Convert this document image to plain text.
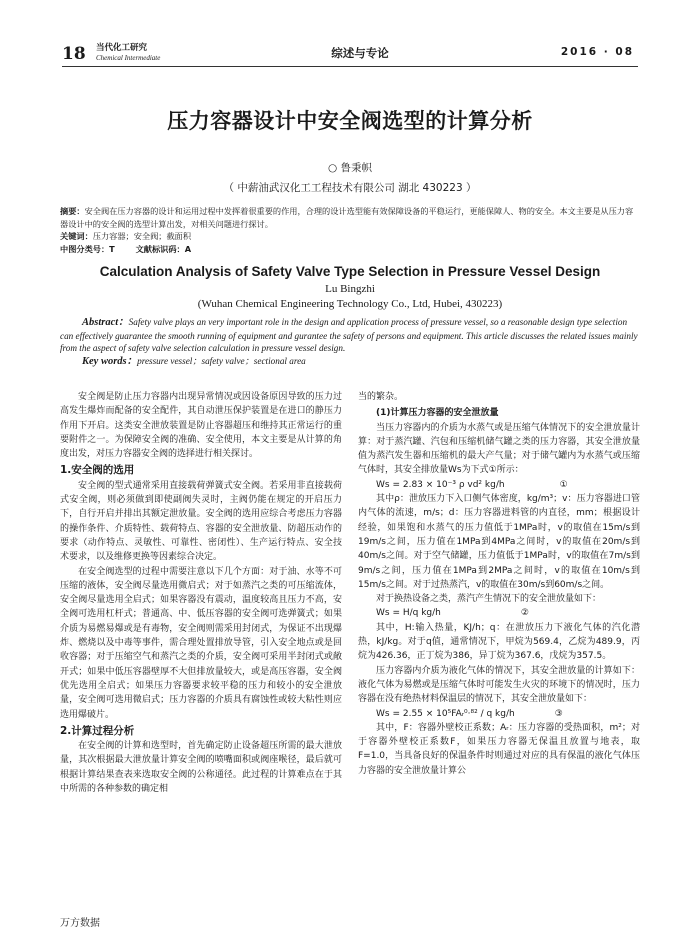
18 当代化工研究
Chemical Intermediate	综述与专论	2016 · 08
压力容器设计中安全阀选型的计算分析
○ 鲁秉帜
（ 中薪油武汉化工工程技术有限公司 湖北 430223 ）
摘要：安全阀在压力容器的设计和运用过程中发挥着很重要的作用，合理的设计选型能有效保障设备的平稳运行，更能保障人、物的安全。本文主要是从压力容器设计中的安全阀的选型计算出发，对相关问题进行探讨。
关键词：压力容器；安全阀；截面积
中图分类号：T	文献标识码：A
Calculation Analysis of Safety Valve Type Selection in Pressure Vessel Design
Lu Bingzhi
(Wuhan Chemical Engineering Technology Co., Ltd, Hubei, 430223)
Abstract：Safety valve plays an very important role in the design and application process of pressure vessel, so a reasonable design type selection can effectively guarantee the smooth running of equipment and gurantee the safety of persons and equipment. This article discusses the related issues mainly from the aspect of safety valve selection calculation in pressure vessel design.
Key words：pressure vessel；safety valve；sectional area

安全阀是防止压力容器内出现异常情况或因设备原因导致的压力过高发生爆炸而配备的安全配件，其自动泄压保护装置是在进口的静压力作用下开启。这类安全泄放装置是防止容器超压和维持其正常运行的重要附件之一。为保障安全阀的准确、安全使用，本文主要是从计算的角度出发，对压力容器安全阀的选择进行相关探讨。

1.安全阀的选用

安全阀的型式通常采用直接载荷弹簧式安全阀。若采用非直接载荷式安全阀，则必须做到即使副阀失灵时，主阀仍能在规定的开启压力下，自行开启并排出其额定泄放量。安全阀的选用应综合考虑压力容器的操作条件、介质特性、载荷特点、容器的安全泄放量、防超压动作的要求（动作特点、灵敏性、可靠性、密闭性）、生产运行特点、安全技术要求，以及维修更换等因素综合决定。

在安全阀选型的过程中需要注意以下几个方面：对于油、水等不可压缩的液体，安全阀尽量选用微启式；对于如蒸汽之类的可压缩流体，安全阀尽量选用全启式；如果容器没有震动，温度较高且压力不高，安全阀可选用杠杆式；普通高、中、低压容器的安全阀可选弹簧式；如果介质为易燃易爆或是有毒物，安全阀则需采用封闭式，为保证不出现爆炸、燃烧以及中毒等事件，需合理处置排放导管，引入安全地点或是回收容器；对于压缩空气和蒸汽之类的介质，安全阀可采用半封闭式或敞开式；如果中低压容器壁厚不大但排放量较大，或是高压容器，安全阀优先选用全启式；如果压力容器要求较平稳的压力和较小的安全泄放量，安全阀可选用微启式；压力容器的介质具有腐蚀性或较大粘性则应选用爆破片。

2.计算过程分析

在安全阀的计算和选型时，首先确定防止设备超压所需的最大泄放量，其次根据最大泄放量计算安全阀的喷嘴面积或阀座喉径，最后就可根据计算结果查表来选取安全阀的公称通径。此过程的计算难点在于其中所需的各种参数的确定相

当的繁杂。

(1)计算压力容器的安全泄放量

当压力容器内的介质为水蒸气或是压缩气体情况下的安全泄放量计算：对于蒸汽罐、汽包和压缩机储气罐之类的压力容器，其安全泄放量值为蒸汽发生器和压缩机的最大产气量；对于储气罐内为水蒸气或压缩气体时，其安全排放量Ws为下式①所示：

Ws = 2.83 × 10⁻³ ρ vd² kg/h	①

其中ρ：泄放压力下入口侧气体密度，kg/m³；v：压力容器进口管内气体的流速，m/s；d：压力容器进料管的内直径，mm；根据设计经验，如果饱和水蒸气的压力值低于1MPa时，v的取值在15m/s到19m/s之间，压力值在1MPa到4MPa之间时，v的取值在20m/s到40m/s之间。对于空气储罐，压力值低于1MPa时，v的取值在7m/s到9m/s之间，压力值在1MPa到2MPa之间时，v的取值在10m/s到15m/s之间。对于过热蒸汽，v的取值在30m/s到60m/s之间。

对于换热设备之类，蒸汽产生情况下的安全泄放量如下：

Ws = H/q kg/h	②

其中，H:输入热量，KJ/h；q：在泄放压力下液化气体的汽化潜热，kJ/kg。对于q值，通常情况下，甲烷为569.4，乙烷为489.9，丙烷为426.36，正丁烷为386，异丁烷为367.6，戊烷为357.5。

压力容器内介质为液化气体的情况下，其安全泄放量的计算如下：液化气体为易燃或是压缩气体时可能发生火灾的环境下的情况时，压力容器在没有绝热材料保温层的情况下，其安全泄放量如下：

Ws = 2.55 × 10⁵FAᵣ⁰·⁸² / q kg/h	③

其中，F：容器外壁校正系数；Aᵣ：压力容器的受热面积，m²；对于容器外壁校正系数F，如果压力容器无保温且放置与地表，取F=1.0，当具备良好的保温条件时则通过对应的具有保温的液化气体压力容器的安全泄放量计算公

万方数据
